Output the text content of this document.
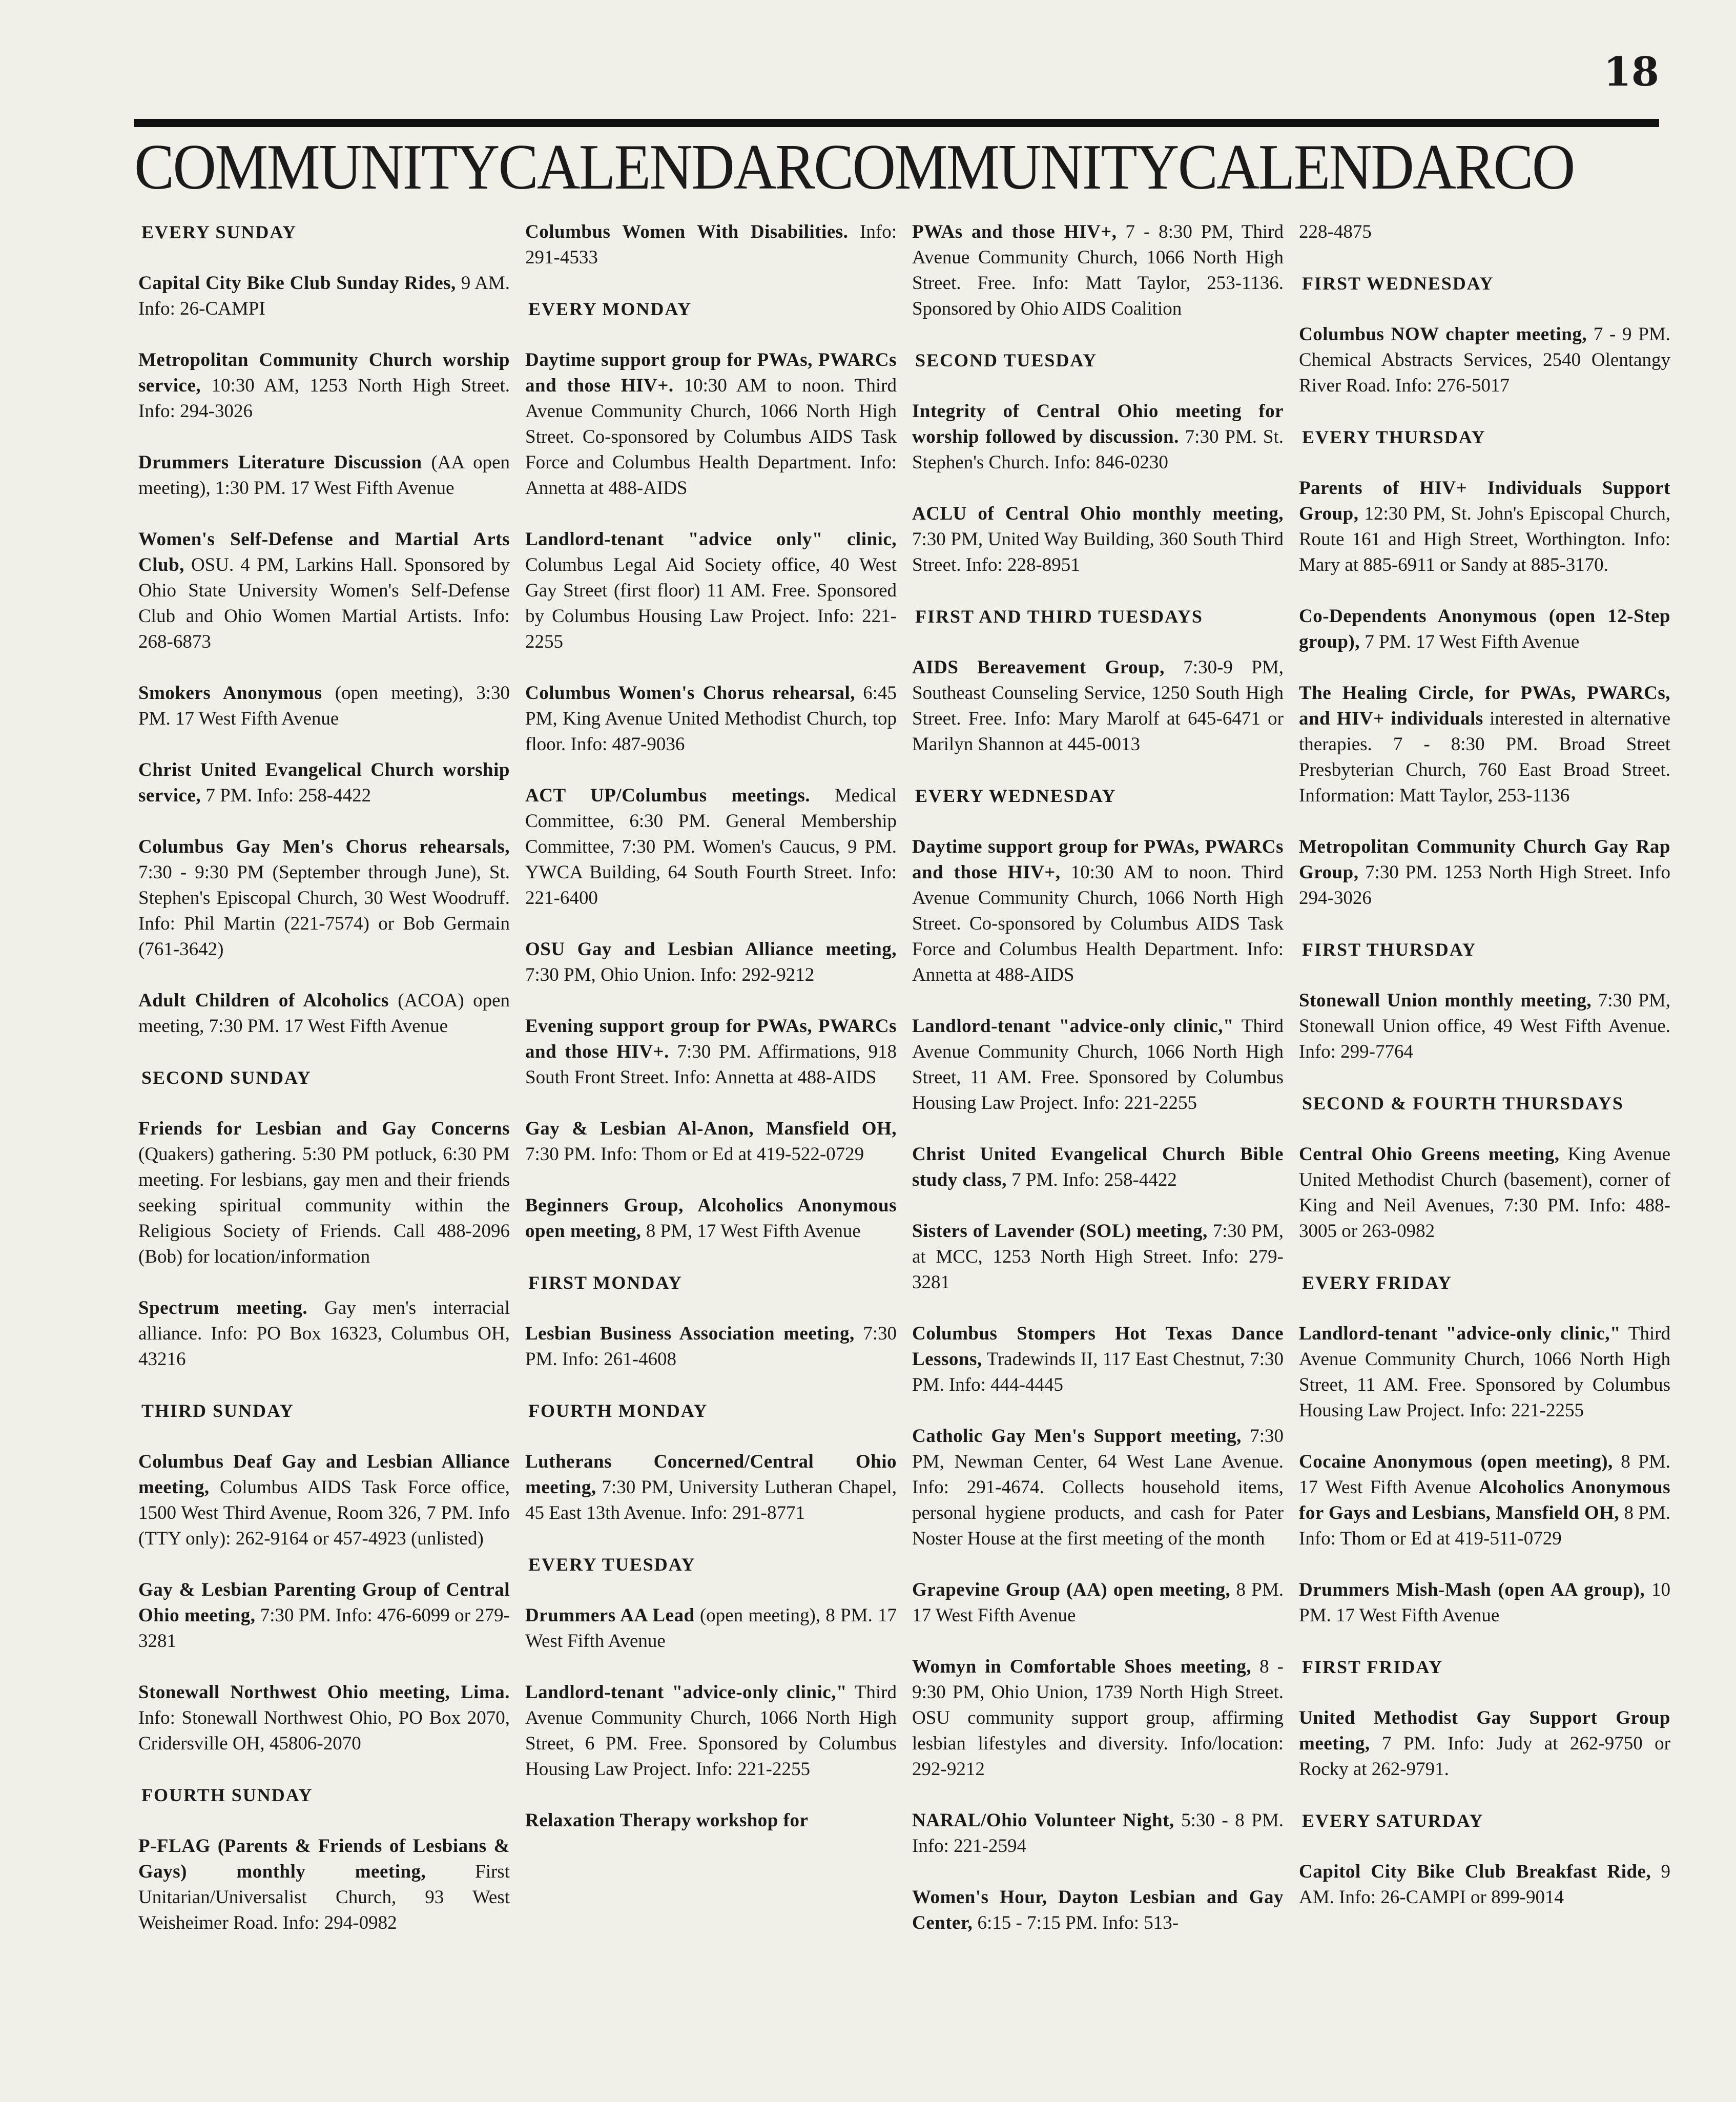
18
COMMUNITYCALENDARCOMMUNITYCALENDARCO
EVERY SUNDAY
Capital City Bike Club Sunday Rides, 9 AM. Info: 26-CAMPI
Metropolitan Community Church worship service, 10:30 AM, 1253 North High Street. Info: 294-3026
Drummers Literature Discussion (AA open meeting), 1:30 PM. 17 West Fifth Avenue
Women's Self-Defense and Martial Arts Club, OSU. 4 PM, Larkins Hall. Sponsored by Ohio State University Women's Self-Defense Club and Ohio Women Martial Artists. Info: 268-6873
Smokers Anonymous (open meeting), 3:30 PM. 17 West Fifth Avenue
Christ United Evangelical Church worship service, 7 PM. Info: 258-4422
Columbus Gay Men's Chorus rehearsals, 7:30 - 9:30 PM (September through June), St. Stephen's Episcopal Church, 30 West Woodruff. Info: Phil Martin (221-7574) or Bob Germain (761-3642)
Adult Children of Alcoholics (ACOA) open meeting, 7:30 PM. 17 West Fifth Avenue
SECOND SUNDAY
Friends for Lesbian and Gay Concerns (Quakers) gathering. 5:30 PM potluck, 6:30 PM meeting. For lesbians, gay men and their friends seeking spiritual community within the Religious Society of Friends. Call 488-2096 (Bob) for location/information
Spectrum meeting. Gay men's interracial alliance. Info: PO Box 16323, Columbus OH, 43216
THIRD SUNDAY
Columbus Deaf Gay and Lesbian Alliance meeting, Columbus AIDS Task Force office, 1500 West Third Avenue, Room 326, 7 PM. Info (TTY only): 262-9164 or 457-4923 (unlisted)
Gay & Lesbian Parenting Group of Central Ohio meeting, 7:30 PM. Info: 476-6099 or 279-3281
Stonewall Northwest Ohio meeting, Lima. Info: Stonewall Northwest Ohio, PO Box 2070, Cridersville OH, 45806-2070
FOURTH SUNDAY
P-FLAG (Parents & Friends of Lesbians & Gays) monthly meeting, First Unitarian/Universalist Church, 93 West Weisheimer Road. Info: 294-0982
Columbus Women With Disabilities. Info: 291-4533
EVERY MONDAY
Daytime support group for PWAs, PWARCs and those HIV+. 10:30 AM to noon. Third Avenue Community Church, 1066 North High Street. Co-sponsored by Columbus AIDS Task Force and Columbus Health Department. Info: Annetta at 488-AIDS
Landlord-tenant "advice only" clinic, Columbus Legal Aid Society office, 40 West Gay Street (first floor) 11 AM. Free. Sponsored by Columbus Housing Law Project. Info: 221-2255
Columbus Women's Chorus rehearsal, 6:45 PM, King Avenue United Methodist Church, top floor. Info: 487-9036
ACT UP/Columbus meetings. Medical Committee, 6:30 PM. General Membership Committee, 7:30 PM. Women's Caucus, 9 PM. YWCA Building, 64 South Fourth Street. Info: 221-6400
OSU Gay and Lesbian Alliance meeting, 7:30 PM, Ohio Union. Info: 292-9212
Evening support group for PWAs, PWARCs and those HIV+. 7:30 PM. Affirmations, 918 South Front Street. Info: Annetta at 488-AIDS
Gay & Lesbian Al-Anon, Mansfield OH, 7:30 PM. Info: Thom or Ed at 419-522-0729
Beginners Group, Alcoholics Anonymous open meeting, 8 PM, 17 West Fifth Avenue
FIRST MONDAY
Lesbian Business Association meeting, 7:30 PM. Info: 261-4608
FOURTH MONDAY
Lutherans Concerned/Central Ohio meeting, 7:30 PM, University Lutheran Chapel, 45 East 13th Avenue. Info: 291-8771
EVERY TUESDAY
Drummers AA Lead (open meeting), 8 PM. 17 West Fifth Avenue
Landlord-tenant "advice-only clinic," Third Avenue Community Church, 1066 North High Street, 6 PM. Free. Sponsored by Columbus Housing Law Project. Info: 221-2255
Relaxation Therapy workshop for
PWAs and those HIV+, 7 - 8:30 PM, Third Avenue Community Church, 1066 North High Street. Free. Info: Matt Taylor, 253-1136. Sponsored by Ohio AIDS Coalition
SECOND TUESDAY
Integrity of Central Ohio meeting for worship followed by discussion. 7:30 PM. St. Stephen's Church. Info: 846-0230
ACLU of Central Ohio monthly meeting, 7:30 PM, United Way Building, 360 South Third Street. Info: 228-8951
FIRST AND THIRD TUESDAYS
AIDS Bereavement Group, 7:30-9 PM, Southeast Counseling Service, 1250 South High Street. Free. Info: Mary Marolf at 645-6471 or Marilyn Shannon at 445-0013
EVERY WEDNESDAY
Daytime support group for PWAs, PWARCs and those HIV+, 10:30 AM to noon. Third Avenue Community Church, 1066 North High Street. Co-sponsored by Columbus AIDS Task Force and Columbus Health Department. Info: Annetta at 488-AIDS
Landlord-tenant "advice-only clinic," Third Avenue Community Church, 1066 North High Street, 11 AM. Free. Sponsored by Columbus Housing Law Project. Info: 221-2255
Christ United Evangelical Church Bible study class, 7 PM. Info: 258-4422
Sisters of Lavender (SOL) meeting, 7:30 PM, at MCC, 1253 North High Street. Info: 279-3281
Columbus Stompers Hot Texas Dance Lessons, Tradewinds II, 117 East Chestnut, 7:30 PM. Info: 444-4445
Catholic Gay Men's Support meeting, 7:30 PM, Newman Center, 64 West Lane Avenue. Info: 291-4674. Collects household items, personal hygiene products, and cash for Pater Noster House at the first meeting of the month
Grapevine Group (AA) open meeting, 8 PM. 17 West Fifth Avenue
Womyn in Comfortable Shoes meeting, 8 - 9:30 PM, Ohio Union, 1739 North High Street. OSU community support group, affirming lesbian lifestyles and diversity. Info/location: 292-9212
NARAL/Ohio Volunteer Night, 5:30 - 8 PM. Info: 221-2594
Women's Hour, Dayton Lesbian and Gay Center, 6:15 - 7:15 PM. Info: 513-
228-4875
FIRST WEDNESDAY
Columbus NOW chapter meeting, 7 - 9 PM. Chemical Abstracts Services, 2540 Olentangy River Road. Info: 276-5017
EVERY THURSDAY
Parents of HIV+ Individuals Support Group, 12:30 PM, St. John's Episcopal Church, Route 161 and High Street, Worthington. Info: Mary at 885-6911 or Sandy at 885-3170.
Co-Dependents Anonymous (open 12-Step group), 7 PM. 17 West Fifth Avenue
The Healing Circle, for PWAs, PWARCs, and HIV+ individuals interested in alternative therapies. 7 - 8:30 PM. Broad Street Presbyterian Church, 760 East Broad Street. Information: Matt Taylor, 253-1136
Metropolitan Community Church Gay Rap Group, 7:30 PM. 1253 North High Street. Info 294-3026
FIRST THURSDAY
Stonewall Union monthly meeting, 7:30 PM, Stonewall Union office, 49 West Fifth Avenue. Info: 299-7764
SECOND & FOURTH THURSDAYS
Central Ohio Greens meeting, King Avenue United Methodist Church (basement), corner of King and Neil Avenues, 7:30 PM. Info: 488-3005 or 263-0982
EVERY FRIDAY
Landlord-tenant "advice-only clinic," Third Avenue Community Church, 1066 North High Street, 11 AM. Free. Sponsored by Columbus Housing Law Project. Info: 221-2255
Cocaine Anonymous (open meeting), 8 PM. 17 West Fifth Avenue Alcoholics Anonymous for Gays and Lesbians, Mansfield OH, 8 PM. Info: Thom or Ed at 419-511-0729
Drummers Mish-Mash (open AA group), 10 PM. 17 West Fifth Avenue
FIRST FRIDAY
United Methodist Gay Support Group meeting, 7 PM. Info: Judy at 262-9750 or Rocky at 262-9791.
EVERY SATURDAY
Capitol City Bike Club Breakfast Ride, 9 AM. Info: 26-CAMPI or 899-9014
